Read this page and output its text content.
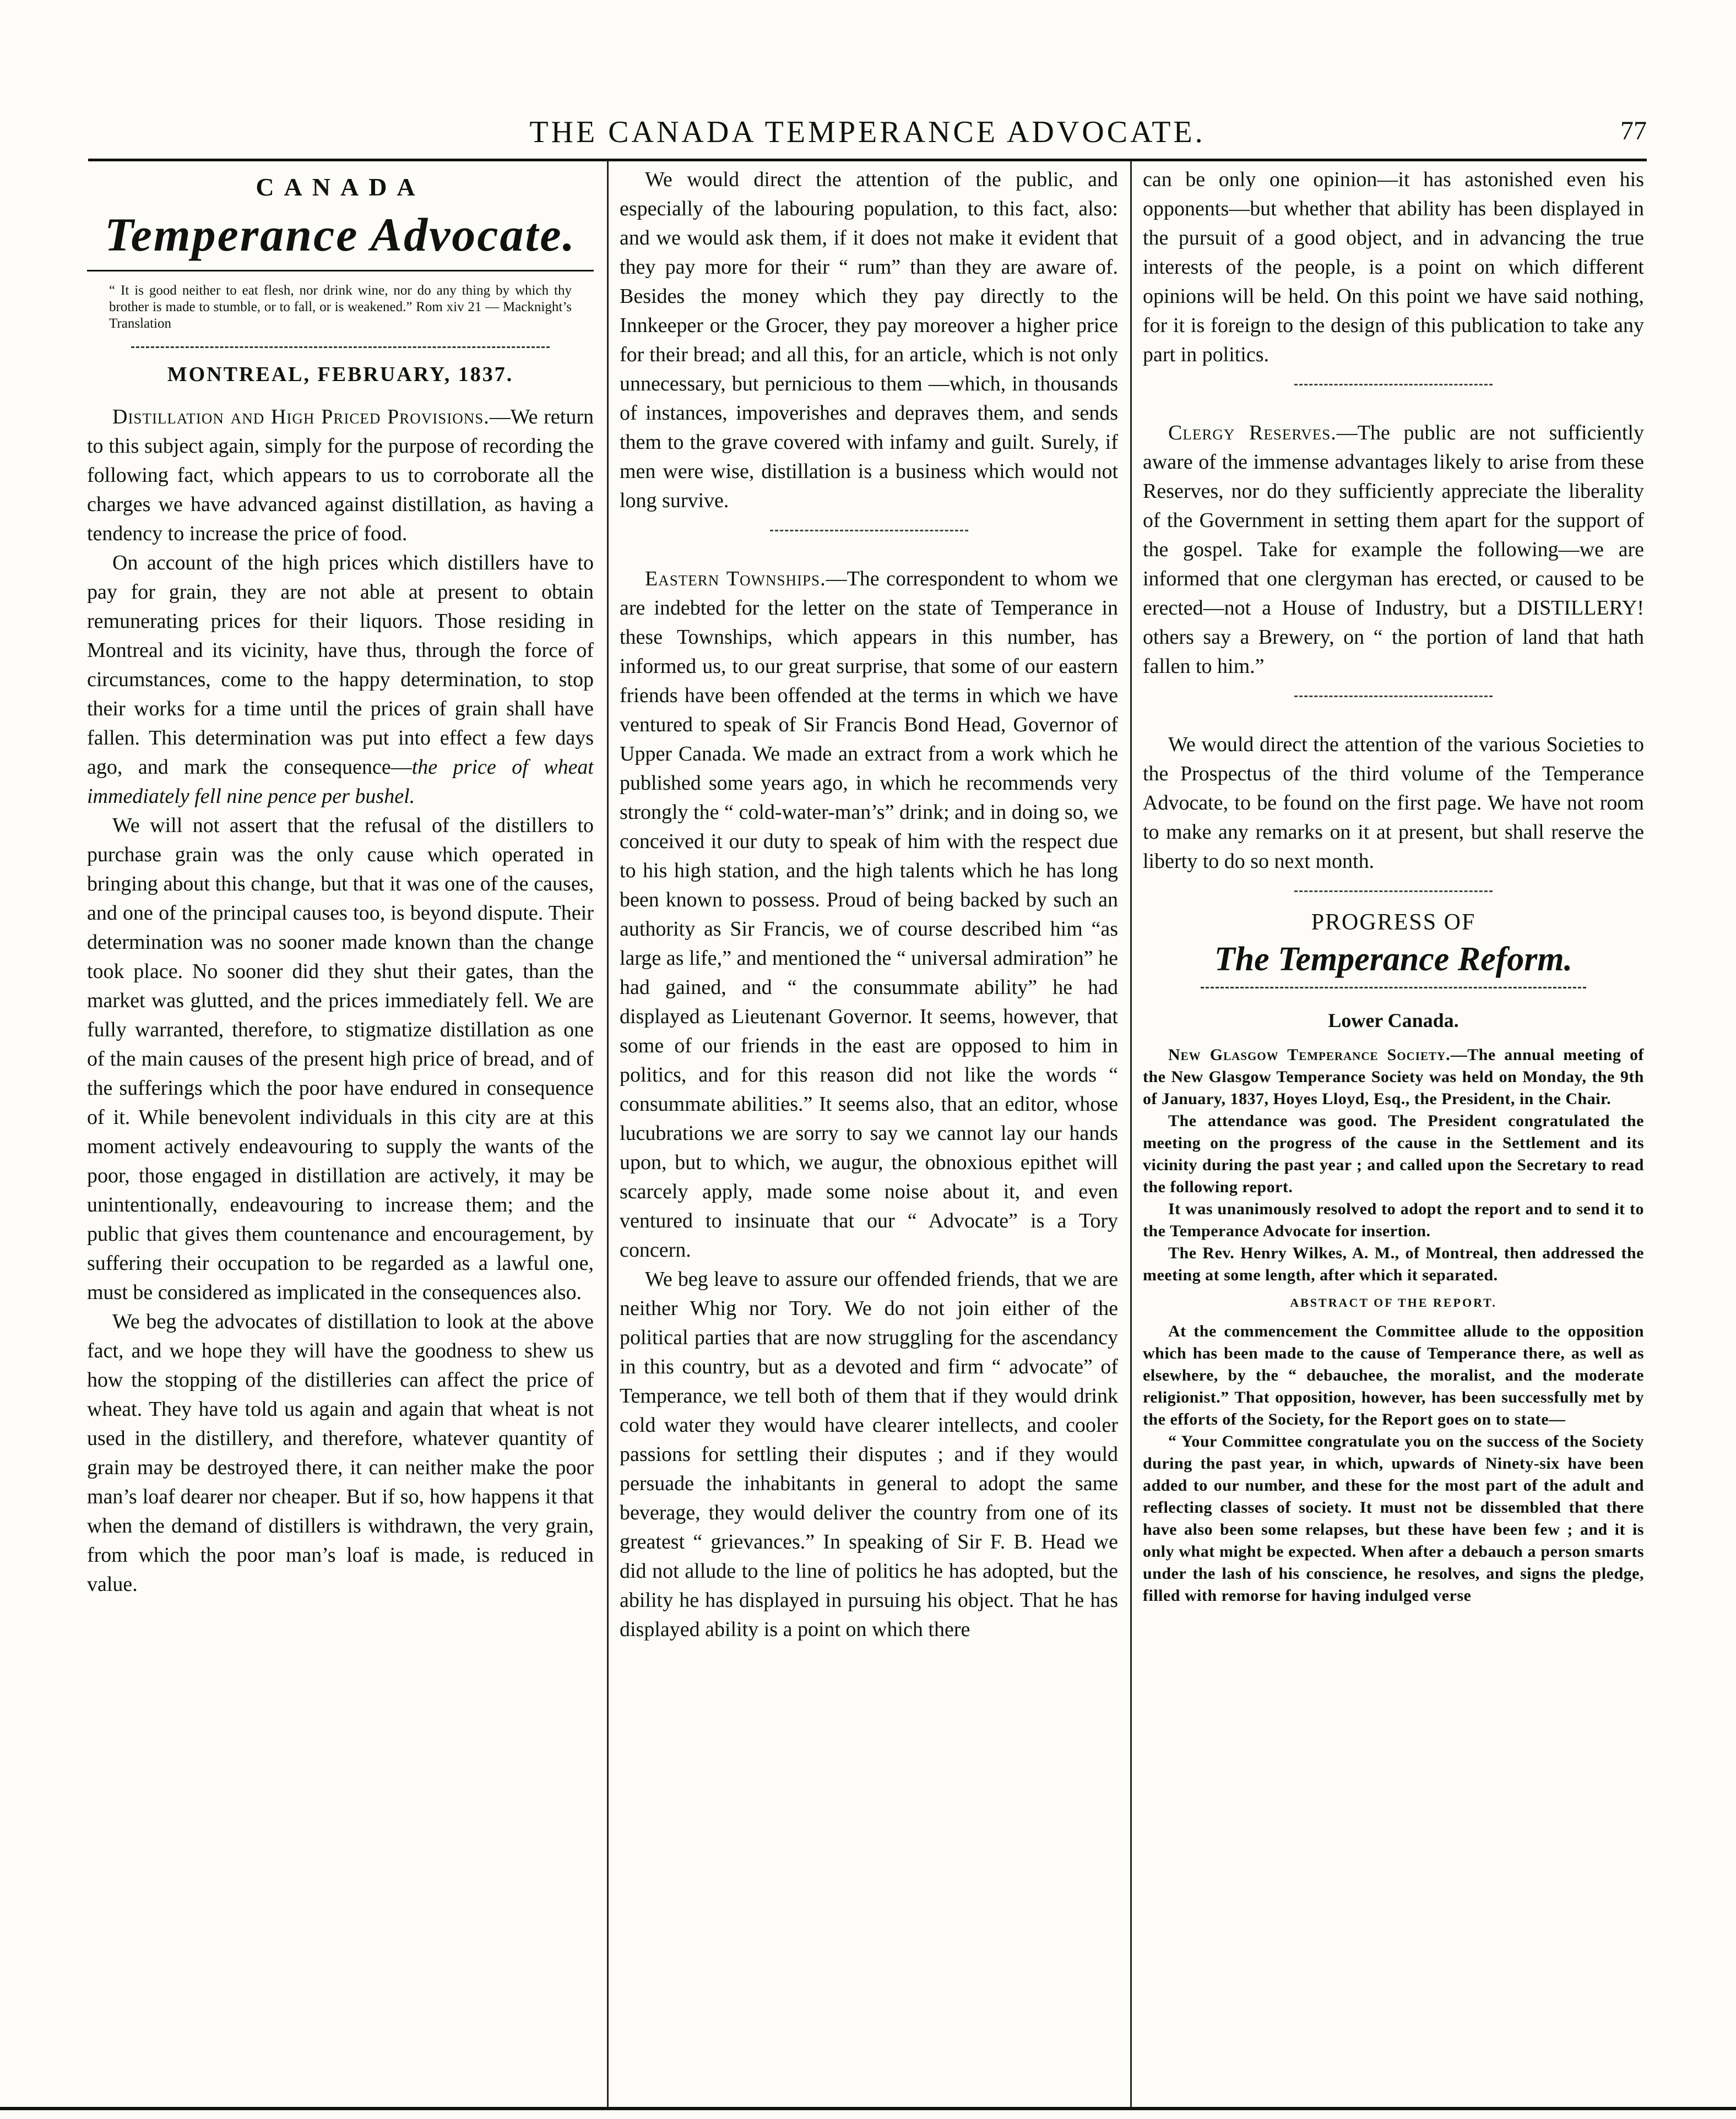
THE CANADA TEMPERANCE ADVOCATE.	77
CANADA
Temperance Advocate.
“ It is good neither to eat flesh, nor drink wine, nor do any thing by which thy brother is made to stumble, or to fall, or is weakened.” Rom xiv 21 — Macknight’s Translation
MONTREAL, FEBRUARY, 1837.

Distillation and High Priced Provisions.—We return to this subject again, simply for the purpose of recording the following fact, which appears to us to corroborate all the charges we have advanced against distillation, as having a tendency to increase the price of food.

On account of the high prices which distillers have to pay for grain, they are not able at present to obtain remunerating prices for their liquors. Those residing in Montreal and its vicinity, have thus, through the force of circumstances, come to the happy determination, to stop their works for a time until the prices of grain shall have fallen. This determination was put into effect a few days ago, and mark the consequence—the price of wheat immediately fell nine pence per bushel.

We will not assert that the refusal of the distillers to purchase grain was the only cause which operated in bringing about this change, but that it was one of the causes, and one of the principal causes too, is beyond dispute. Their determination was no sooner made known than the change took place. No sooner did they shut their gates, than the market was glutted, and the prices immediately fell. We are fully warranted, therefore, to stigmatize distillation as one of the main causes of the present high price of bread, and of the sufferings which the poor have endured in consequence of it. While benevolent individuals in this city are at this moment actively endeavouring to supply the wants of the poor, those engaged in distillation are actively, it may be unintentionally, endeavouring to increase them; and the public that gives them countenance and encouragement, by suffering their occupation to be regarded as a lawful one, must be considered as implicated in the consequences also.

We beg the advocates of distillation to look at the above fact, and we hope they will have the goodness to shew us how the stopping of the distilleries can affect the price of wheat. They have told us again and again that wheat is not used in the distillery, and therefore, whatever quantity of grain may be destroyed there, it can neither make the poor man’s loaf dearer nor cheaper. But if so, how happens it that when the demand of distillers is withdrawn, the very grain, from which the poor man’s loaf is made, is reduced in value.

We would direct the attention of the public, and especially of the labouring population, to this fact, also: and we would ask them, if it does not make it evident that they pay more for their “ rum” than they are aware of. Besides the money which they pay directly to the Innkeeper or the Grocer, they pay moreover a higher price for their bread; and all this, for an article, which is not only unnecessary, but pernicious to them —which, in thousands of instances, impoverishes and depraves them, and sends them to the grave covered with infamy and guilt. Surely, if men were wise, distillation is a business which would not long survive.

Eastern Townships.—The correspondent to whom we are indebted for the letter on the state of Temperance in these Townships, which appears in this number, has informed us, to our great surprise, that some of our eastern friends have been offended at the terms in which we have ventured to speak of Sir Francis Bond Head, Governor of Upper Canada. We made an extract from a work which he published some years ago, in which he recommends very strongly the “ cold-water-man’s” drink; and in doing so, we conceived it our duty to speak of him with the respect due to his high station, and the high talents which he has long been known to possess. Proud of being backed by such an authority as Sir Francis, we of course described him “as large as life,” and mentioned the “ universal admiration” he had gained, and “ the consummate ability” he had displayed as Lieutenant Governor. It seems, however, that some of our friends in the east are opposed to him in politics, and for this reason did not like the words “ consummate abilities.” It seems also, that an editor, whose lucubrations we are sorry to say we cannot lay our hands upon, but to which, we augur, the obnoxious epithet will scarcely apply, made some noise about it, and even ventured to insinuate that our “ Advocate” is a Tory concern.

We beg leave to assure our offended friends, that we are neither Whig nor Tory. We do not join either of the political parties that are now struggling for the ascendancy in this country, but as a devoted and firm “ advocate” of Temperance, we tell both of them that if they would drink cold water they would have clearer intellects, and cooler passions for settling their disputes ; and if they would persuade the inhabitants in general to adopt the same beverage, they would deliver the country from one of its greatest “ grievances.” In speaking of Sir F. B. Head we did not allude to the line of politics he has adopted, but the ability he has displayed in pursuing his object. That he has displayed ability is a point on which there

can be only one opinion—it has astonished even his opponents—but whether that ability has been displayed in the pursuit of a good object, and in advancing the true interests of the people, is a point on which different opinions will be held. On this point we have said nothing, for it is foreign to the design of this publication to take any part in politics.

Clergy Reserves.—The public are not sufficiently aware of the immense advantages likely to arise from these Reserves, nor do they sufficiently appreciate the liberality of the Government in setting them apart for the support of the gospel. Take for example the following—we are informed that one clergyman has erected, or caused to be erected—not a House of Industry, but a DISTILLERY! others say a Brewery, on “ the portion of land that hath fallen to him.”

We would direct the attention of the various Societies to the Prospectus of the third volume of the Temperance Advocate, to be found on the first page. We have not room to make any remarks on it at present, but shall reserve the liberty to do so next month.

PROGRESS OF
The Temperance Reform.
Lower Canada.

New Glasgow Temperance Society.—The annual meeting of the New Glasgow Temperance Society was held on Monday, the 9th of January, 1837, Hoyes Lloyd, Esq., the President, in the Chair.

The attendance was good. The President congratulated the meeting on the progress of the cause in the Settlement and its vicinity during the past year ; and called upon the Secretary to read the following report.

It was unanimously resolved to adopt the report and to send it to the Temperance Advocate for insertion.

The Rev. Henry Wilkes, A. M., of Montreal, then addressed the meeting at some length, after which it separated.

ABSTRACT OF THE REPORT.

At the commencement the Committee allude to the opposition which has been made to the cause of Temperance there, as well as elsewhere, by the “ debauchee, the moralist, and the moderate religionist.” That opposition, however, has been successfully met by the efforts of the Society, for the Report goes on to state—

“ Your Committee congratulate you on the success of the Society during the past year, in which, upwards of Ninety-six have been added to our number, and these for the most part of the adult and reflecting classes of society. It must not be dissembled that there have also been some relapses, but these have been few ; and it is only what might be expected. When after a debauch a person smarts under the lash of his conscience, he resolves, and signs the pledge, filled with remorse for having indulged verse
